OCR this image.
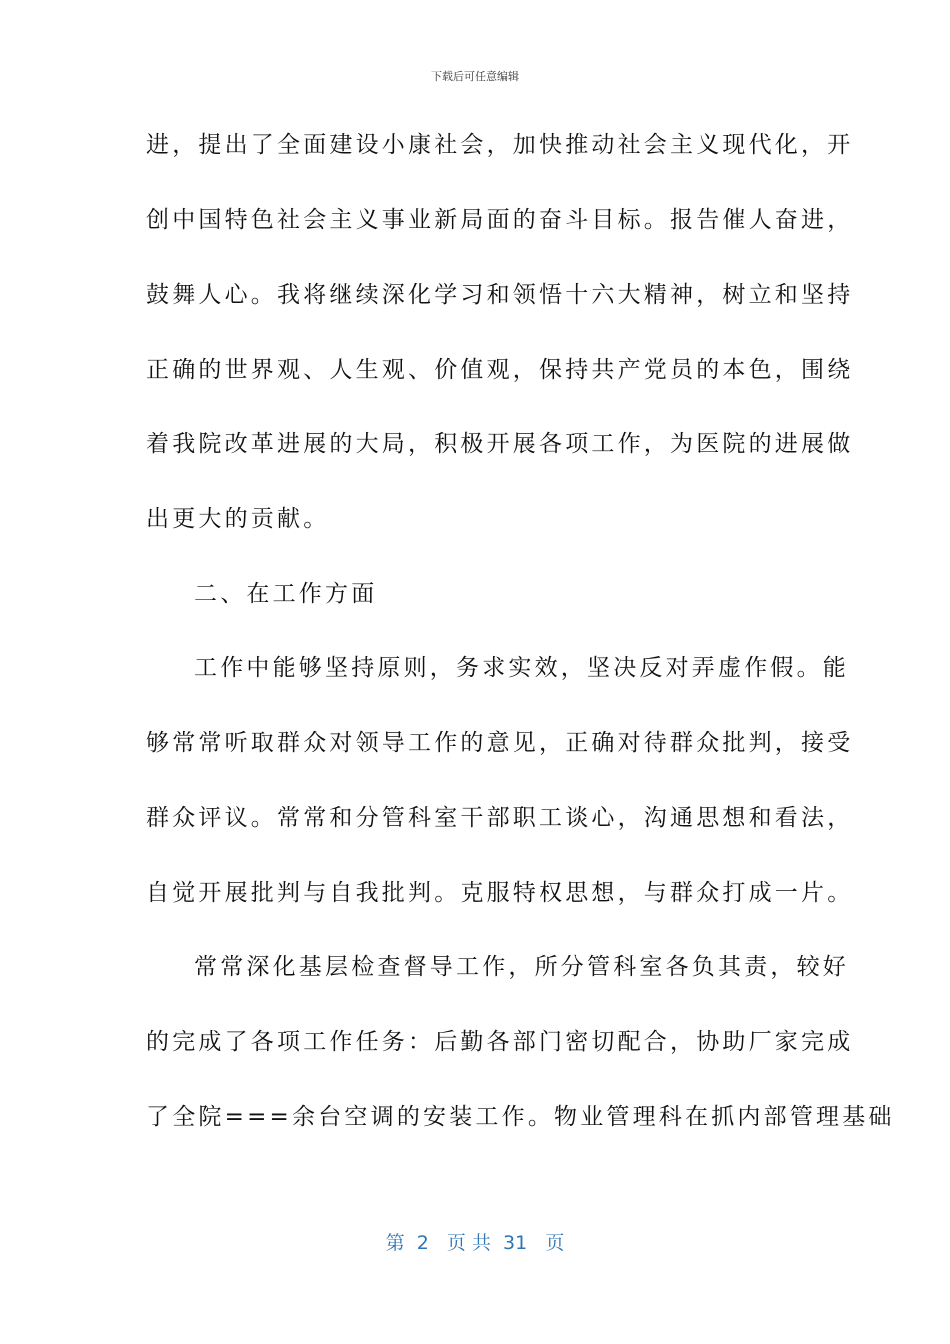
下载后可任意编辑
进，提出了全面建设小康社会，加快推动社会主义现代化，开
创中国特色社会主义事业新局面的奋斗目标。报告催人奋进，
鼓舞人心。我将继续深化学习和领悟十六大精神，树立和坚持
正确的世界观、人生观、价值观，保持共产党员的本色，围绕
着我院改革进展的大局，积极开展各项工作，为医院的进展做
出更大的贡献。
二、在工作方面
工作中能够坚持原则，务求实效，坚决反对弄虚作假。能
够常常听取群众对领导工作的意见，正确对待群众批判，接受
群众评议。常常和分管科室干部职工谈心，沟通思想和看法，
自觉开展批判与自我批判。克服特权思想，与群众打成一片。
常常深化基层检查督导工作，所分管科室各负其责，较好
的完成了各项工作任务：后勤各部门密切配合，协助厂家完成
了全院===余台空调的安装工作。物业管理科在抓内部管理基础
第  2   页 共  31   页
